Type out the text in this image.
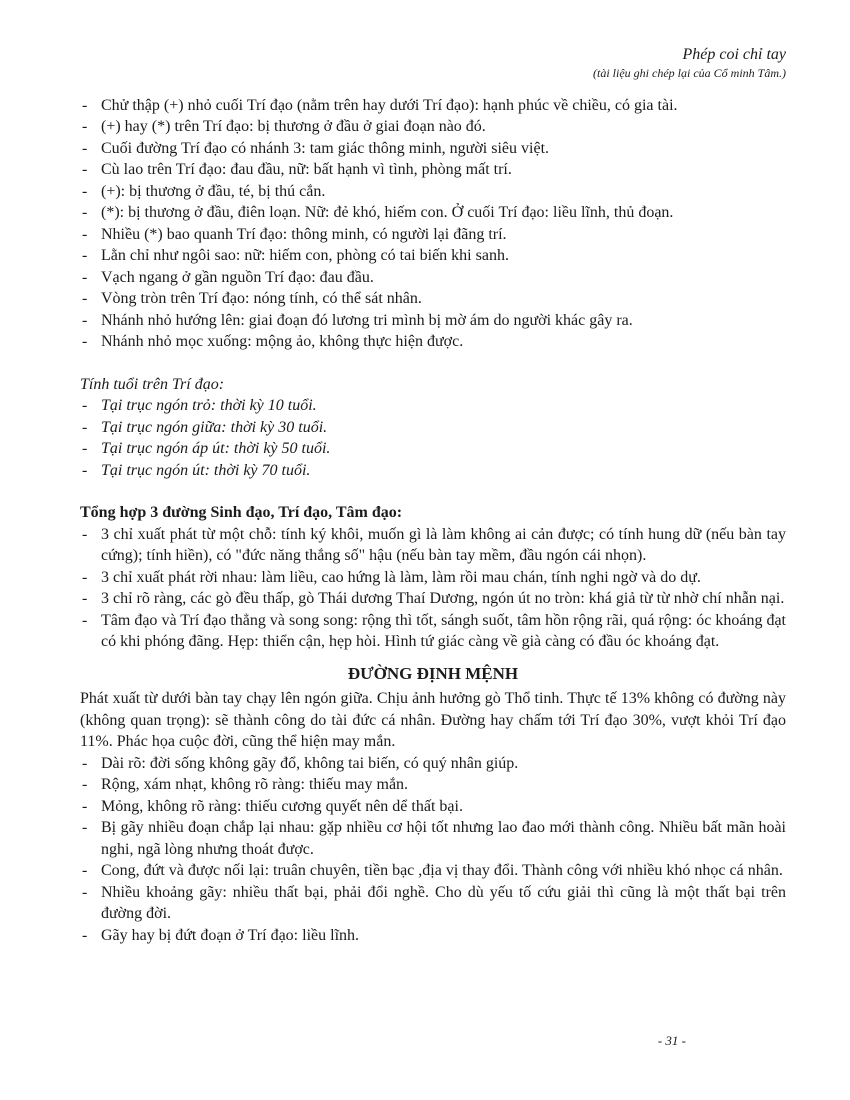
Phép coi chỉ tay
(tài liệu ghi chép lại của Cổ minh Tâm.)
- Chử thập (+) nhỏ cuối Trí đạo (nằm trên hay dưới Trí đạo): hạnh phúc về chiều, có gia tài.
- (+) hay (*) trên Trí đạo: bị thương ở đầu ở giai đoạn nào đó.
- Cuối đường Trí đạo có nhánh 3: tam giác thông minh, người siêu việt.
- Cù lao trên Trí đạo: đau đầu, nữ: bất hạnh vì tình, phòng mất trí.
- (+): bị thương ở đầu, té, bị thú cắn.
- (*): bị thương ở đầu, điên loạn. Nữ: đẻ khó, hiếm con. Ở cuối Trí đạo: liều lĩnh, thủ đoạn.
- Nhiều (*) bao quanh Trí đạo: thông minh, có người lại đãng trí.
- Lằn chỉ như ngôi sao: nữ: hiếm con, phòng có tai biến khi sanh.
- Vạch ngang ở gần nguồn Trí đạo: đau đầu.
- Vòng tròn trên Trí đạo: nóng tính, có thể sát nhân.
- Nhánh nhỏ hướng lên: giai đoạn đó lương tri mình bị mờ ám do người khác gây ra.
- Nhánh nhỏ mọc xuống: mộng ảo, không thực hiện được.
Tính tuổi trên Trí đạo:
- Tại trục ngón trỏ: thời kỳ 10 tuổi.
- Tại trục ngón giữa: thời kỳ 30 tuổi.
- Tại trục ngón áp út: thời kỳ 50 tuổi.
- Tại trục ngón út: thời kỳ 70 tuổi.
Tổng hợp 3 đường Sinh đạo, Trí đạo, Tâm đạo:
- 3 chỉ xuất phát từ một chỗ: tính ký khôi, muốn gì là làm không ai cản được; có tính hung dữ (nếu bàn tay cứng); tính hiền), có "đức năng thắng số" hậu (nếu bàn tay mềm, đầu ngón cái nhọn).
- 3 chỉ xuất phát rời nhau: làm liều, cao hứng là làm, làm rồi mau chán, tính nghi ngờ và do dự.
- 3 chỉ rõ ràng, các gò đều thấp, gò Thái dương Thaí Dương, ngón út no tròn: khá giả từ từ nhờ chí nhẫn nại.
- Tâm đạo và Trí đạo thẳng và song song: rộng thì tốt, sángh suốt, tâm hồn rộng rãi, quá rộng: óc khoáng đạt có khi phóng đãng. Hẹp: thiển cận, hẹp hòi. Hình tứ giác càng về già càng có đầu óc khoáng đạt.
ĐƯỜNG ĐỊNH MỆNH
Phát xuất từ dưới bàn tay chạy lên ngón giữa. Chịu ảnh hưởng gò Thổ tinh. Thực tế 13% không có đường này (không quan trọng): sẽ thành công do tài đức cá nhân. Đường hay chấm tới Trí đạo 30%, vượt khỏi Trí đạo 11%. Phác họa cuộc đời, cũng thể hiện may mắn.
- Dài rõ: đời sống không gãy đổ, không tai biến, có quý nhân giúp.
- Rộng, xám nhạt, không rõ ràng: thiếu may mắn.
- Mỏng, không rõ ràng: thiếu cương quyết nên dể thất bại.
- Bị gãy nhiều đoạn chắp lại nhau: gặp nhiều cơ hội tốt nhưng lao đao mới thành công. Nhiều bất mãn hoài nghi, ngã lòng nhưng thoát được.
- Cong, đứt và được nối lại: truân chuyên, tiền bạc ,địa vị thay đổi. Thành công với nhiều khó nhọc cá nhân.
- Nhiều khoảng gãy: nhiều thất bại, phải đổi nghề. Cho dù yếu tố cứu giải thì cũng là một thất bại trên đường đời.
- Gãy hay bị đứt đoạn ở Trí đạo: liều lĩnh.
- 31 -
